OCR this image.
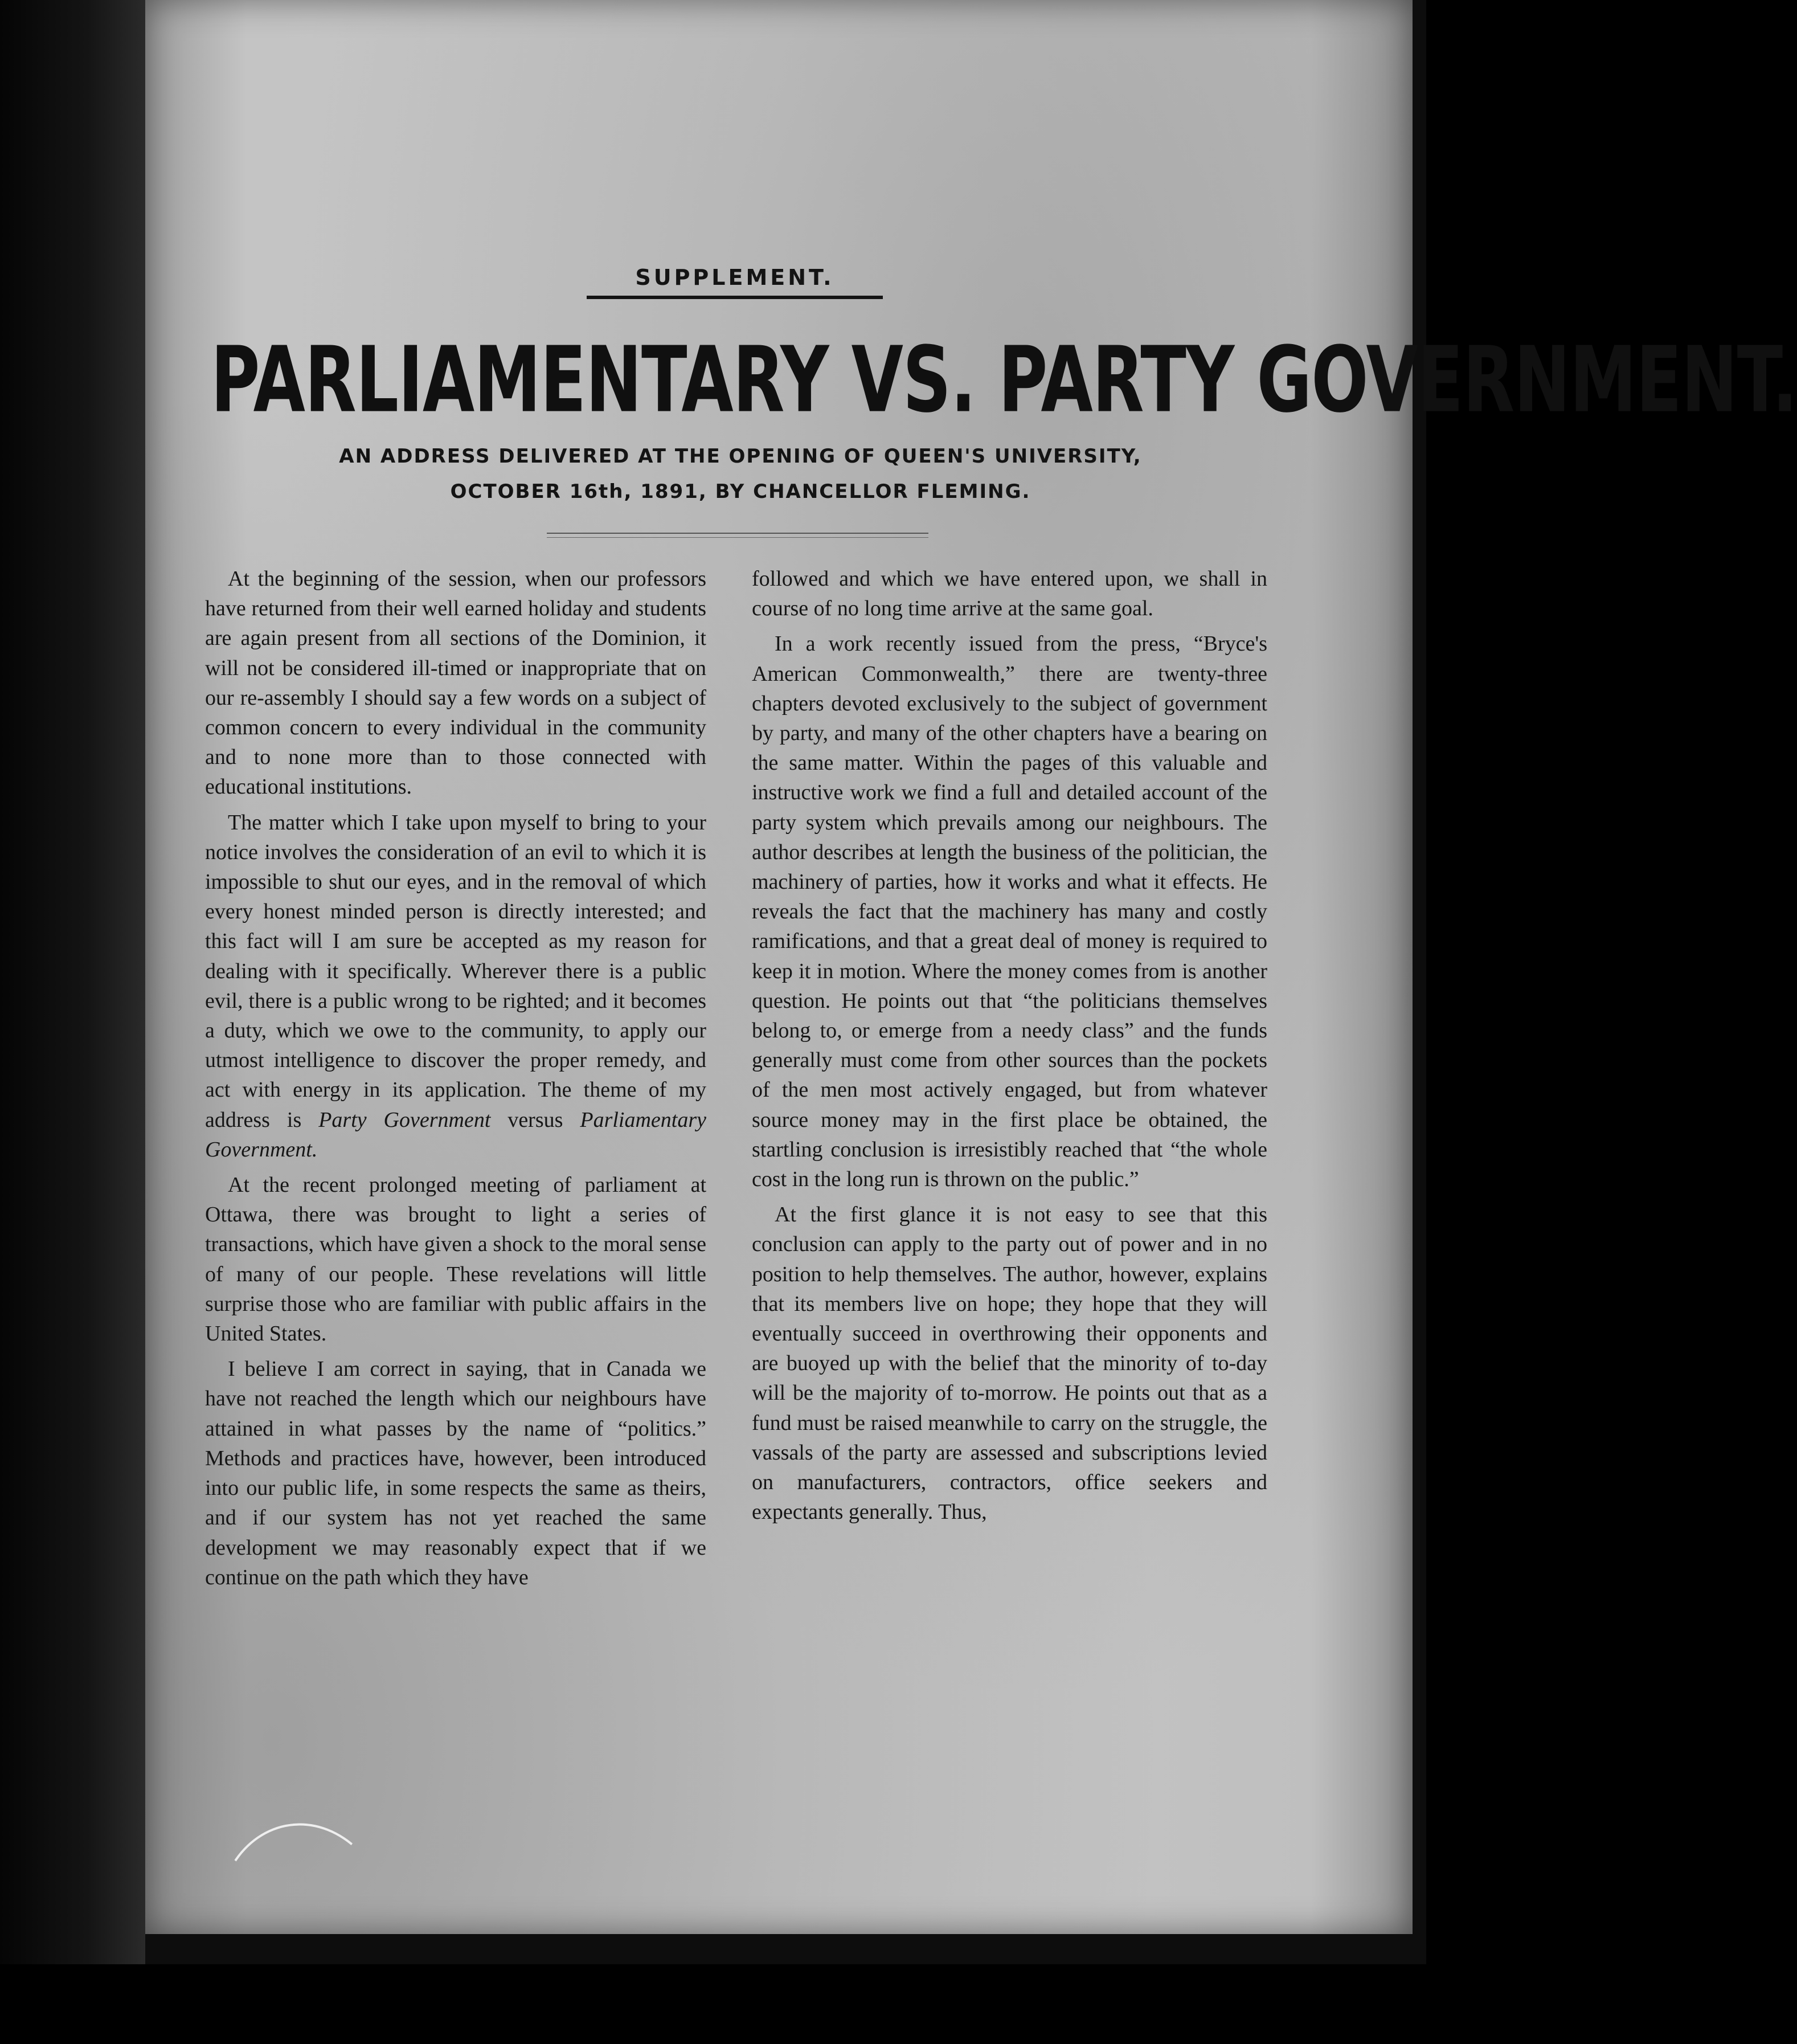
SUPPLEMENT.
PARLIAMENTARY VS. PARTY GOVERNMENT.
AN ADDRESS DELIVERED AT THE OPENING OF QUEEN'S UNIVERSITY,
OCTOBER 16th, 1891, BY CHANCELLOR FLEMING.

At the beginning of the session, when our professors have returned from their well earned holiday and students are again present from all sections of the Dominion, it will not be considered ill-timed or inappropriate that on our re-assembly I should say a few words on a subject of common concern to every individual in the community and to none more than to those connected with educational institutions.

The matter which I take upon myself to bring to your notice involves the consideration of an evil to which it is impossible to shut our eyes, and in the removal of which every honest minded person is directly interested; and this fact will I am sure be accepted as my reason for dealing with it specifically. Wherever there is a public evil, there is a public wrong to be righted; and it becomes a duty, which we owe to the community, to apply our utmost intelligence to discover the proper remedy, and act with energy in its application. The theme of my address is Party Government versus Parliamentary Government.

At the recent prolonged meeting of parliament at Ottawa, there was brought to light a series of transactions, which have given a shock to the moral sense of many of our people. These revelations will little surprise those who are familiar with public affairs in the United States.

I believe I am correct in saying, that in Canada we have not reached the length which our neighbours have attained in what passes by the name of “politics.” Methods and practices have, however, been introduced into our public life, in some respects the same as theirs, and if our system has not yet reached the same development we may reasonably expect that if we continue on the path which they have

followed and which we have entered upon, we shall in course of no long time arrive at the same goal.

In a work recently issued from the press, “Bryce's American Commonwealth,” there are twenty-three chapters devoted exclusively to the subject of government by party, and many of the other chapters have a bearing on the same matter. Within the pages of this valuable and instructive work we find a full and detailed account of the party system which prevails among our neighbours. The author describes at length the business of the politician, the machinery of parties, how it works and what it effects. He reveals the fact that the machinery has many and costly ramifications, and that a great deal of money is required to keep it in motion. Where the money comes from is another question. He points out that “the politicians themselves belong to, or emerge from a needy class” and the funds generally must come from other sources than the pockets of the men most actively engaged, but from whatever source money may in the first place be obtained, the startling conclusion is irresistibly reached that “the whole cost in the long run is thrown on the public.”

At the first glance it is not easy to see that this conclusion can apply to the party out of power and in no position to help themselves. The author, however, explains that its members live on hope; they hope that they will eventually succeed in overthrowing their opponents and are buoyed up with the belief that the minority of to-day will be the majority of to-morrow. He points out that as a fund must be raised meanwhile to carry on the struggle, the vassals of the party are assessed and subscriptions levied on manufacturers, contractors, office seekers and expectants generally. Thus,
